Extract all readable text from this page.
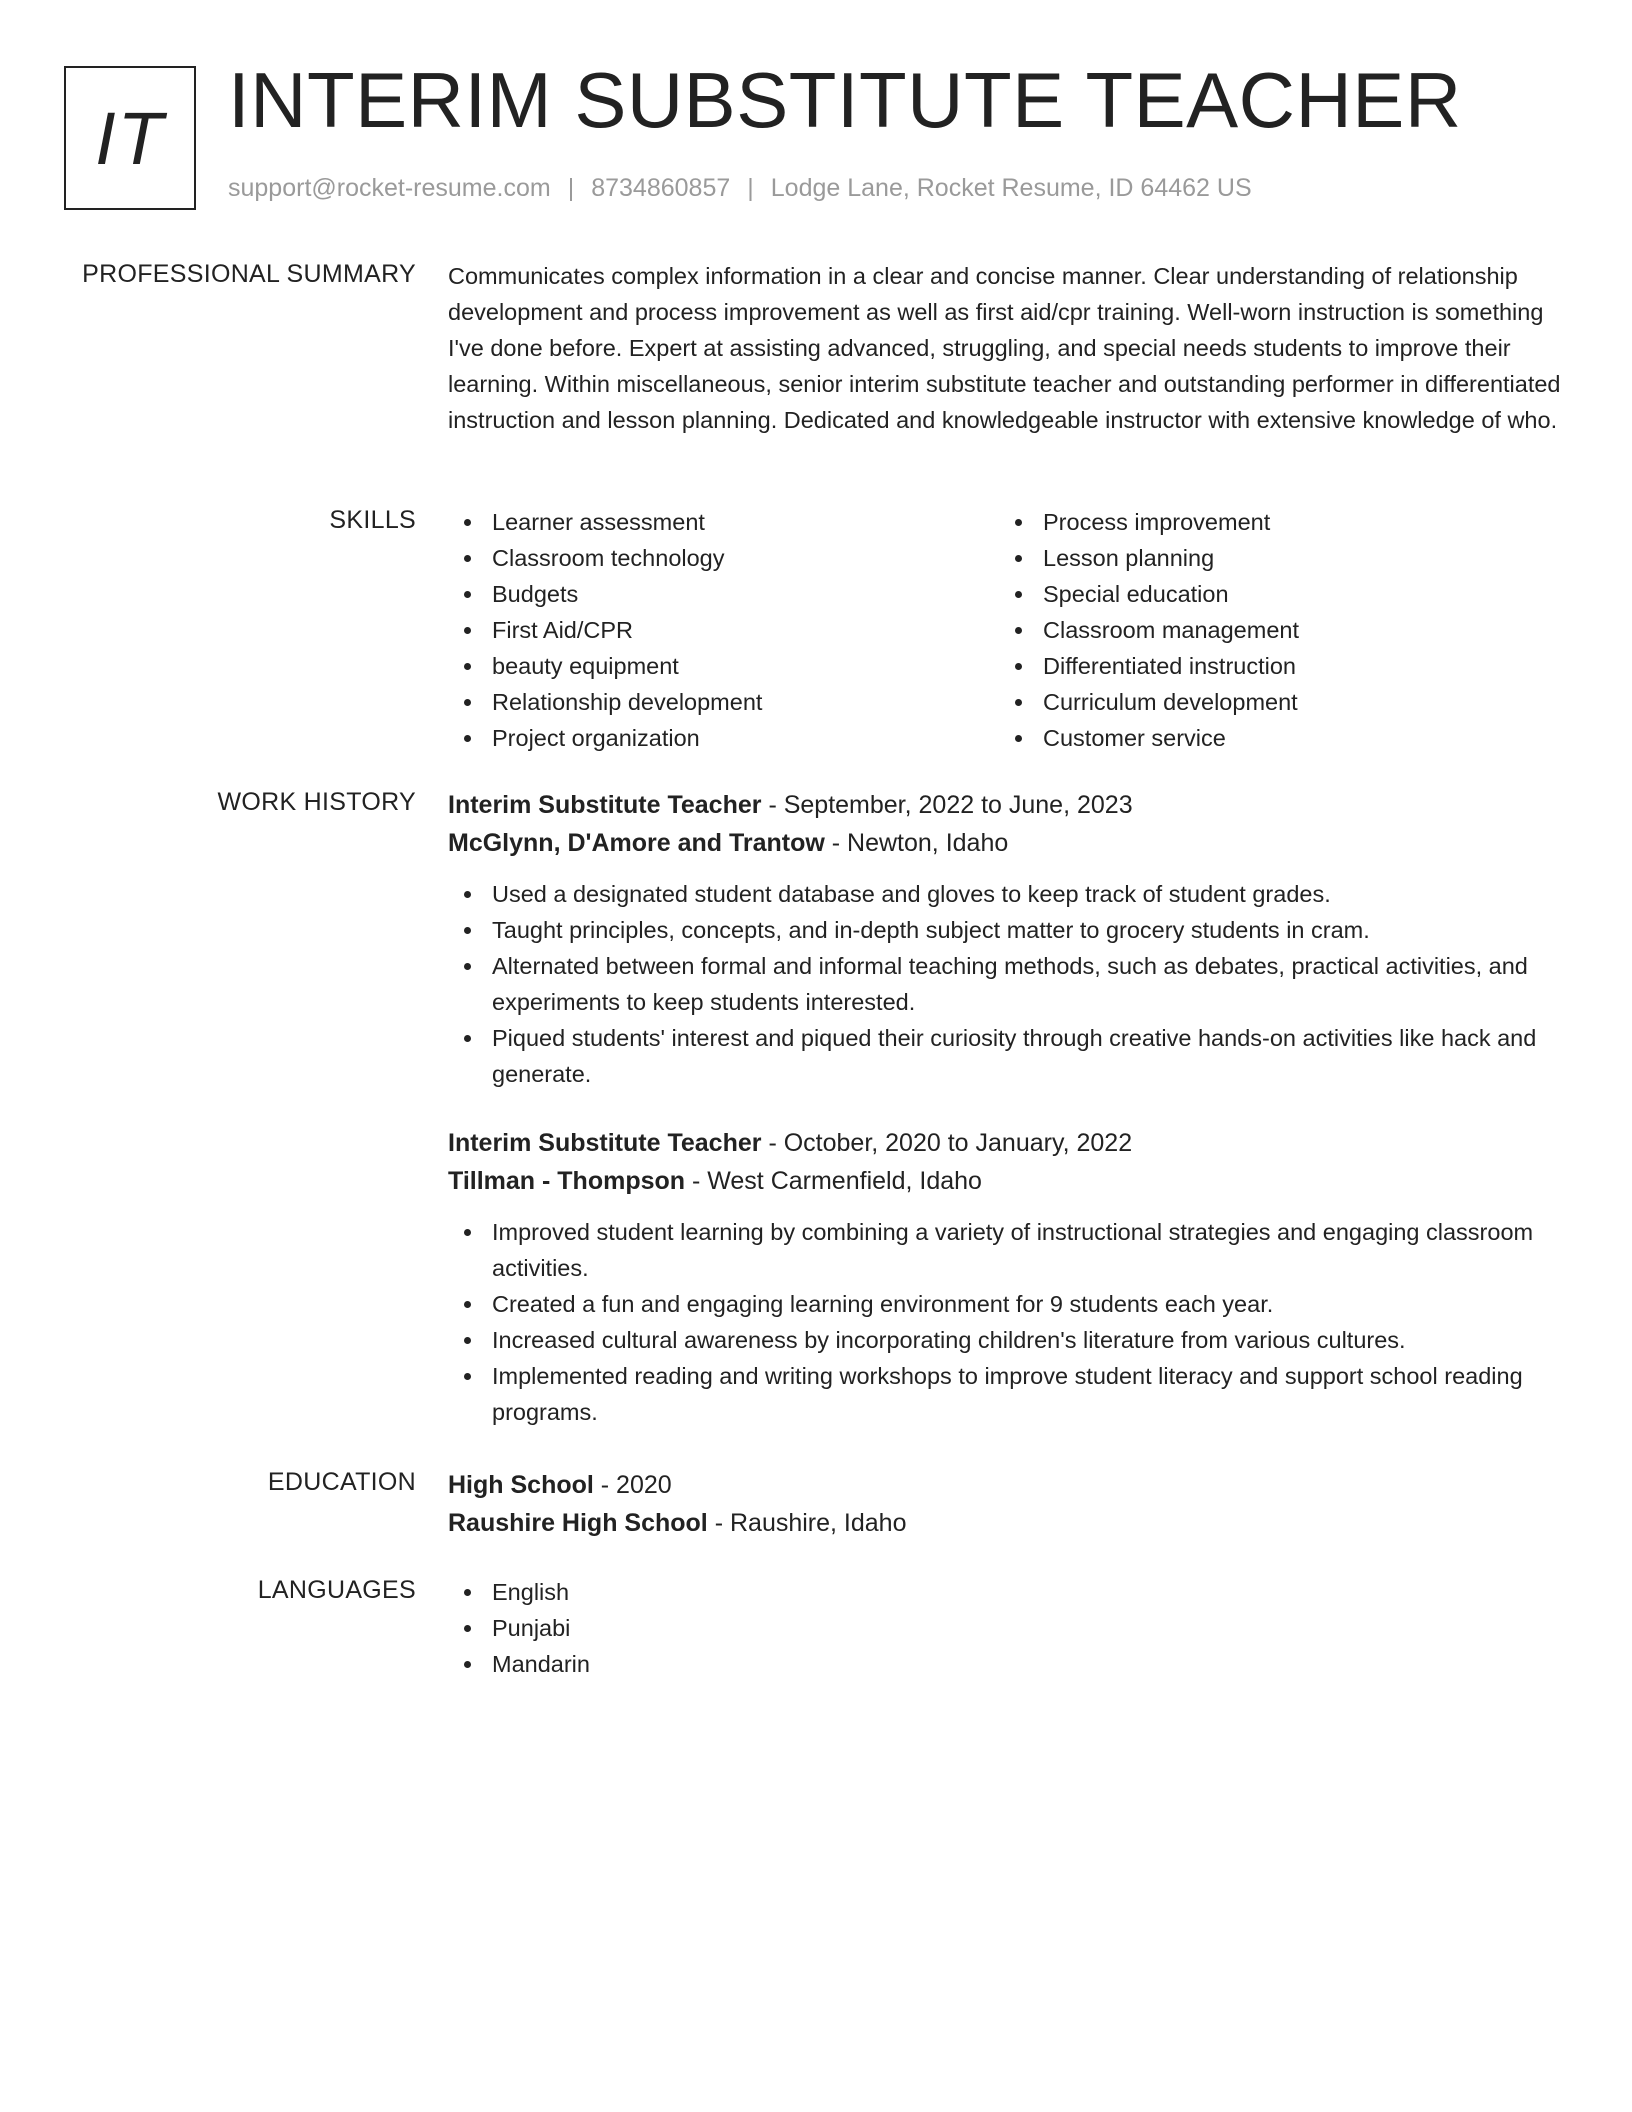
IT INTERIM SUBSTITUTE TEACHER
support@rocket-resume.com | 8734860857 | Lodge Lane, Rocket Resume, ID 64462 US
PROFESSIONAL SUMMARY Communicates complex information in a clear and concise manner. Clear understanding of relationship development and process improvement as well as first aid/cpr training. Well-worn instruction is something I've done before. Expert at assisting advanced, struggling, and special needs students to improve their learning. Within miscellaneous, senior interim substitute teacher and outstanding performer in differentiated instruction and lesson planning. Dedicated and knowledgeable instructor with extensive knowledge of who.
SKILLS	Learner assessment
Classroom technology
Budgets
First Aid/CPR
beauty equipment
Relationship development
Project organization
Process improvement
Lesson planning
Special education
Classroom management
Differentiated instruction
Curriculum development
Customer service
WORK HISTORY Interim Substitute Teacher - September, 2022 to June, 2023
McGlynn, D'Amore and Trantow - Newton, Idaho
Used a designated student database and gloves to keep track of student grades.
Taught principles, concepts, and in-depth subject matter to grocery students in cram.
Alternated between formal and informal teaching methods, such as debates, practical activities, and experiments to keep students interested.
Piqued students' interest and piqued their curiosity through creative hands-on activities like hack and generate.
Interim Substitute Teacher - October, 2020 to January, 2022
Tillman - Thompson - West Carmenfield, Idaho
Improved student learning by combining a variety of instructional strategies and engaging classroom activities.
Created a fun and engaging learning environment for 9 students each year.
Increased cultural awareness by incorporating children's literature from various cultures.
Implemented reading and writing workshops to improve student literacy and support school reading programs.
EDUCATION High School - 2020
Raushire High School - Raushire, Idaho
LANGUAGES	English
Punjabi
Mandarin
